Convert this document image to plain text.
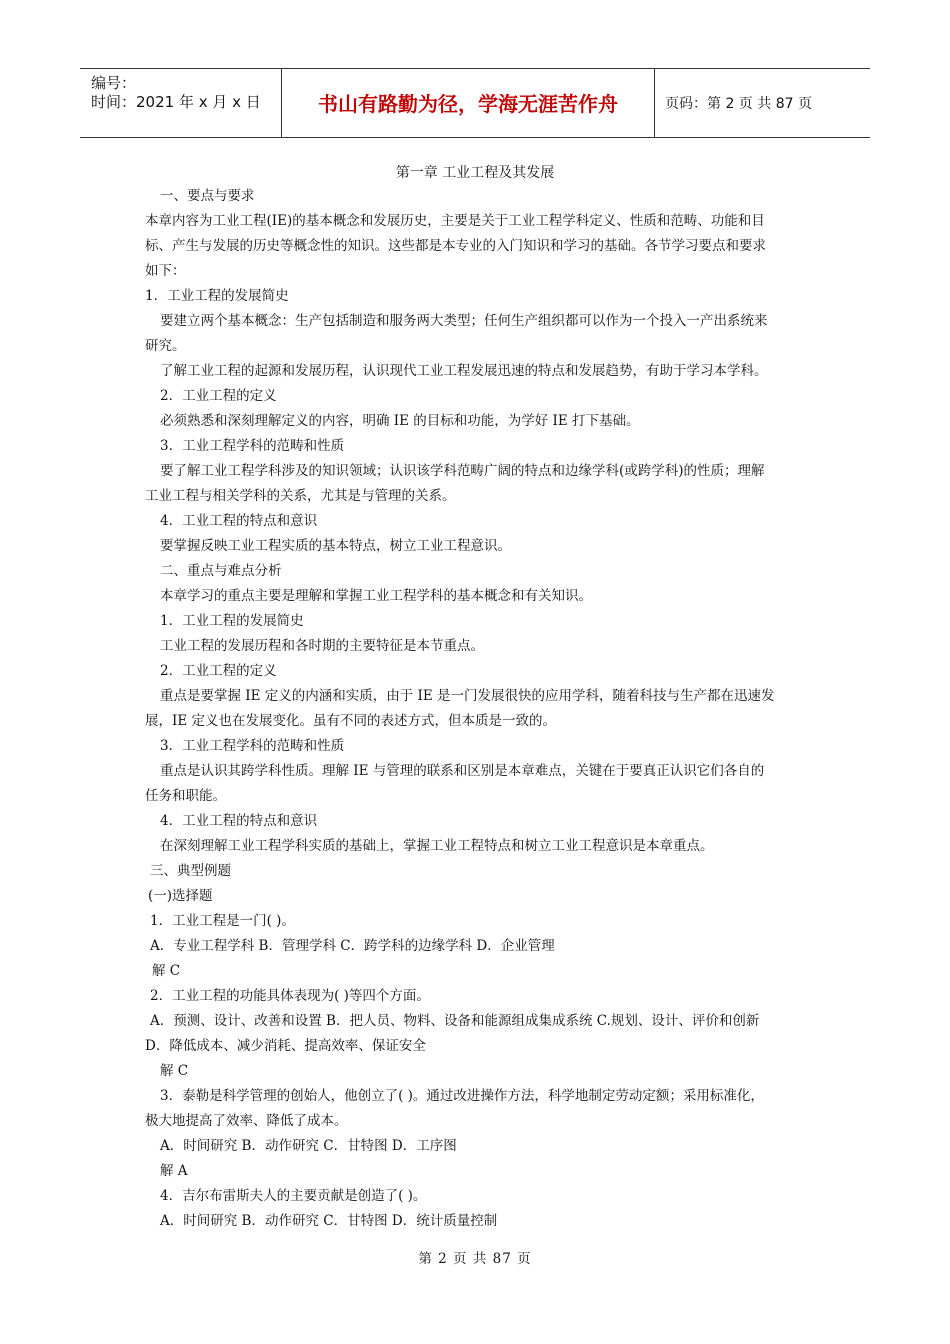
编号：
时间：2021 年 x 月 x 日	书山有路勤为径，学海无涯苦作舟	页码：第 2 页 共 87 页
第一章 工业工程及其发展
一、要点与要求
本章内容为工业工程(IE)的基本概念和发展历史，主要是关于工业工程学科定义、性质和范畴、功能和目
标、产生与发展的历史等概念性的知识。这些都是本专业的入门知识和学习的基础。各节学习要点和要求
如下：
1．工业工程的发展简史
要建立两个基本概念：生产包括制造和服务两大类型；任何生产组织都可以作为一个投入一产出系统来
研究。
了解工业工程的起源和发展历程，认识现代工业工程发展迅速的特点和发展趋势，有助于学习本学科。
2．工业工程的定义
必须熟悉和深刻理解定义的内容，明确 IE 的目标和功能，为学好 IE 打下基础。
3．工业工程学科的范畴和性质
要了解工业工程学科涉及的知识领域；认识该学科范畴广阔的特点和边缘学科(或跨学科)的性质；理解
工业工程与相关学科的关系，尤其是与管理的关系。
4．工业工程的特点和意识
要掌握反映工业工程实质的基本特点，树立工业工程意识。
二、重点与难点分析
本章学习的重点主要是理解和掌握工业工程学科的基本概念和有关知识。
1．工业工程的发展简史
工业工程的发展历程和各时期的主要特征是本节重点。
2．工业工程的定义
重点是要掌握 IE 定义的内涵和实质，由于 IE 是一门发展很快的应用学科，随着科技与生产都在迅速发
展，IE 定义也在发展变化。虽有不同的表述方式，但本质是一致的。
3．工业工程学科的范畴和性质
重点是认识其跨学科性质。理解 IE 与管理的联系和区别是本章难点，关键在于要真正认识它们各自的
任务和职能。
4．工业工程的特点和意识
在深刻理解工业工程学科实质的基础上，掌握工业工程特点和树立工业工程意识是本章重点。
三、典型例题
(一)选择题
1．工业工程是一门( )。
A．专业工程学科 B．管理学科 C．跨学科的边缘学科 D．企业管理
解 C
2．工业工程的功能具体表现为( )等四个方面。
A．预测、设计、改善和设置 B．把人员、物料、设备和能源组成集成系统 C.规划、设计、评价和创新
D．降低成本、减少消耗、提高效率、保证安全
解 C
3．泰勒是科学管理的创始人，他创立了( )。通过改进操作方法，科学地制定劳动定额；采用标准化，
极大地提高了效率、降低了成本。
A．时间研究 B．动作研究 C．甘特图 D．工序图
解 A
4．吉尔布雷斯夫人的主要贡献是创造了( )。
A．时间研究 B．动作研究 C．甘特图 D．统计质量控制
第 2 页 共 87 页
